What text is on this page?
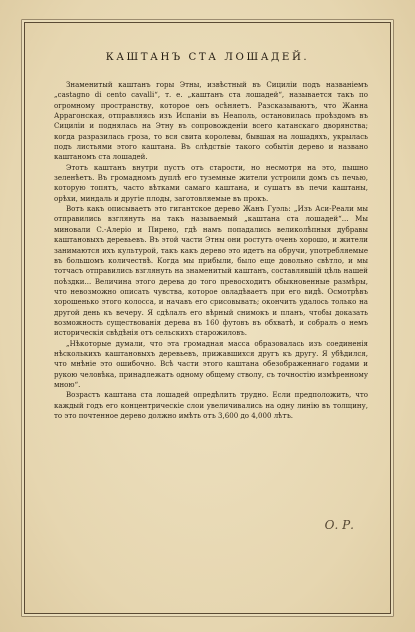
КАШТАНЪ СТА ЛОШАДЕЙ.

Знаменитый каштанъ горы Этны, извѣстный въ Сициліи подъ названіемъ „castagno di cento cavalli“, т. е. „каштанъ ста лошадей“, называется такъ по огромному пространству, которое онъ осѣняетъ. Разсказываютъ, что Жанна Аррагонская, отправляясь изъ Испаніи въ Неаполь, остановилась проѣздомъ въ Сициліи и поднялась на Этну въ сопровожденіи всего катанскаго дворянства; когда разразилась гроза, то вся свита королевы, бывшая на лошадяхъ, укрылась подъ листьями этого каштана. Въ слѣдствіе такого событія дерево и названо каштаномъ ста лошадей.

Этотъ каштанъ внутри пустъ отъ старости, но несмотря на это, пышно зеленѣетъ. Въ громадномъ дуплѣ его туземные жители устроили домъ съ печью, которую топятъ, часто вѣтками самаго каштана, и сушатъ въ печи каштаны, орѣхи, миндаль и другіе плоды, заготовляемые въ прокъ.

Вотъ какъ описываетъ это гигантское дерево Жанъ Гуэль: „Изъ Аси-Реали мы отправились взглянуть на такъ называемый „каштана ста лошадей“... Мы миновали С.-Алеріо и Пирено, гдѣ намъ попадались великолѣпныя дубравы каштановыхъ деревьевъ. Въ этой части Этны они ростутъ очень хорошо, и жители занимаются ихъ культурой, такъ какъ дерево это идетъ на обручи, употребляемые въ большомъ количествѣ. Когда мы прибыли, было еще довольно свѣтло, и мы тотчасъ отправились взглянуть на знаменитый каштанъ, составлявшій цѣль нашей поѣздки... Величина этого дерева до того превосходитъ обыкновенные размѣры, что невозможно описать чувства, которое овладѣваетъ при его видѣ. Осмотрѣвъ хорошенько этого колосса, и начавъ его срисовывать; окончить удалось только на другой день къ вечеру. Я сдѣлалъ его вѣрный снимокъ и планъ, чтобы доказать возможность существованія дерева въ 160 футовъ въ обхватѣ, и собралъ о немъ историческія свѣдѣнія отъ сельскихъ старожиловъ.

„Нѣкоторые думали, что эта громадная масса образовалась изъ соединенія нѣсколькихъ каштановыхъ деревьевъ, прижавшихся другъ къ другу. Я убѣдился, что мнѣніе это ошибочно. Всѣ части этого каштана обезображеннаго годами и рукою человѣка, принадлежатъ одному общему стволу, съ точностію измѣренному мною“.

Возрастъ каштана ста лошадей опредѣлить трудно. Если предположить, что каждый годъ его концентрическіе слои увеличивались на одну линію въ толщину, то это почтенное дерево должно имѣть отъ 3,600 до 4,000 лѣтъ.

О. Р.
